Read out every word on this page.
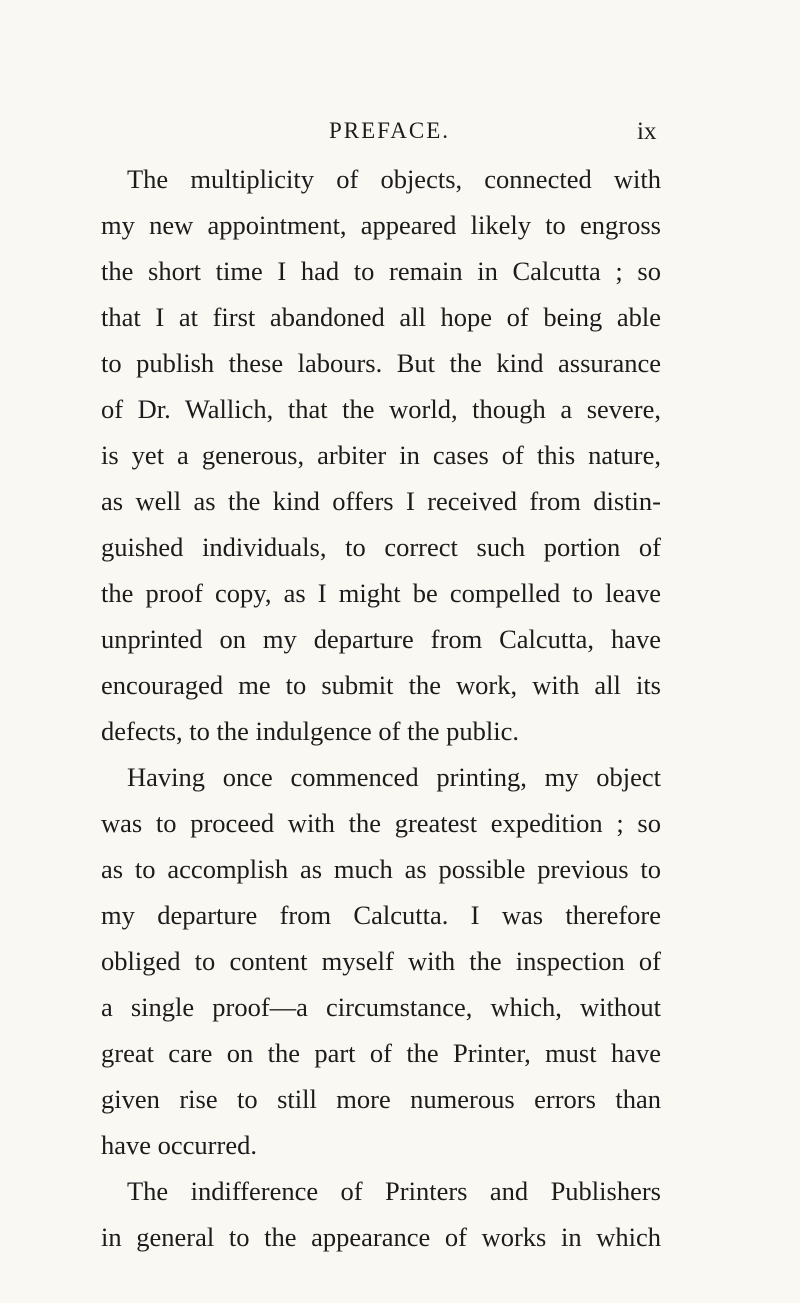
PREFACE.	ix
The multiplicity of objects, connected with
my new appointment, appeared likely to engross
the short time I had to remain in Calcutta ; so
that I at first abandoned all hope of being able
to publish these labours. But the kind assurance
of Dr. Wallich, that the world, though a severe,
is yet a generous, arbiter in cases of this nature,
as well as the kind offers I received from distin-
guished individuals, to correct such portion of
the proof copy, as I might be compelled to leave
unprinted on my departure from Calcutta, have
encouraged me to submit the work, with all its
defects, to the indulgence of the public.
Having once commenced printing, my object
was to proceed with the greatest expedition ; so
as to accomplish as much as possible previous to
my departure from Calcutta. I was therefore
obliged to content myself with the inspection of
a single proof—a circumstance, which, without
great care on the part of the Printer, must have
given rise to still more numerous errors than
have occurred.
The indifference of Printers and Publishers
in general to the appearance of works in which
